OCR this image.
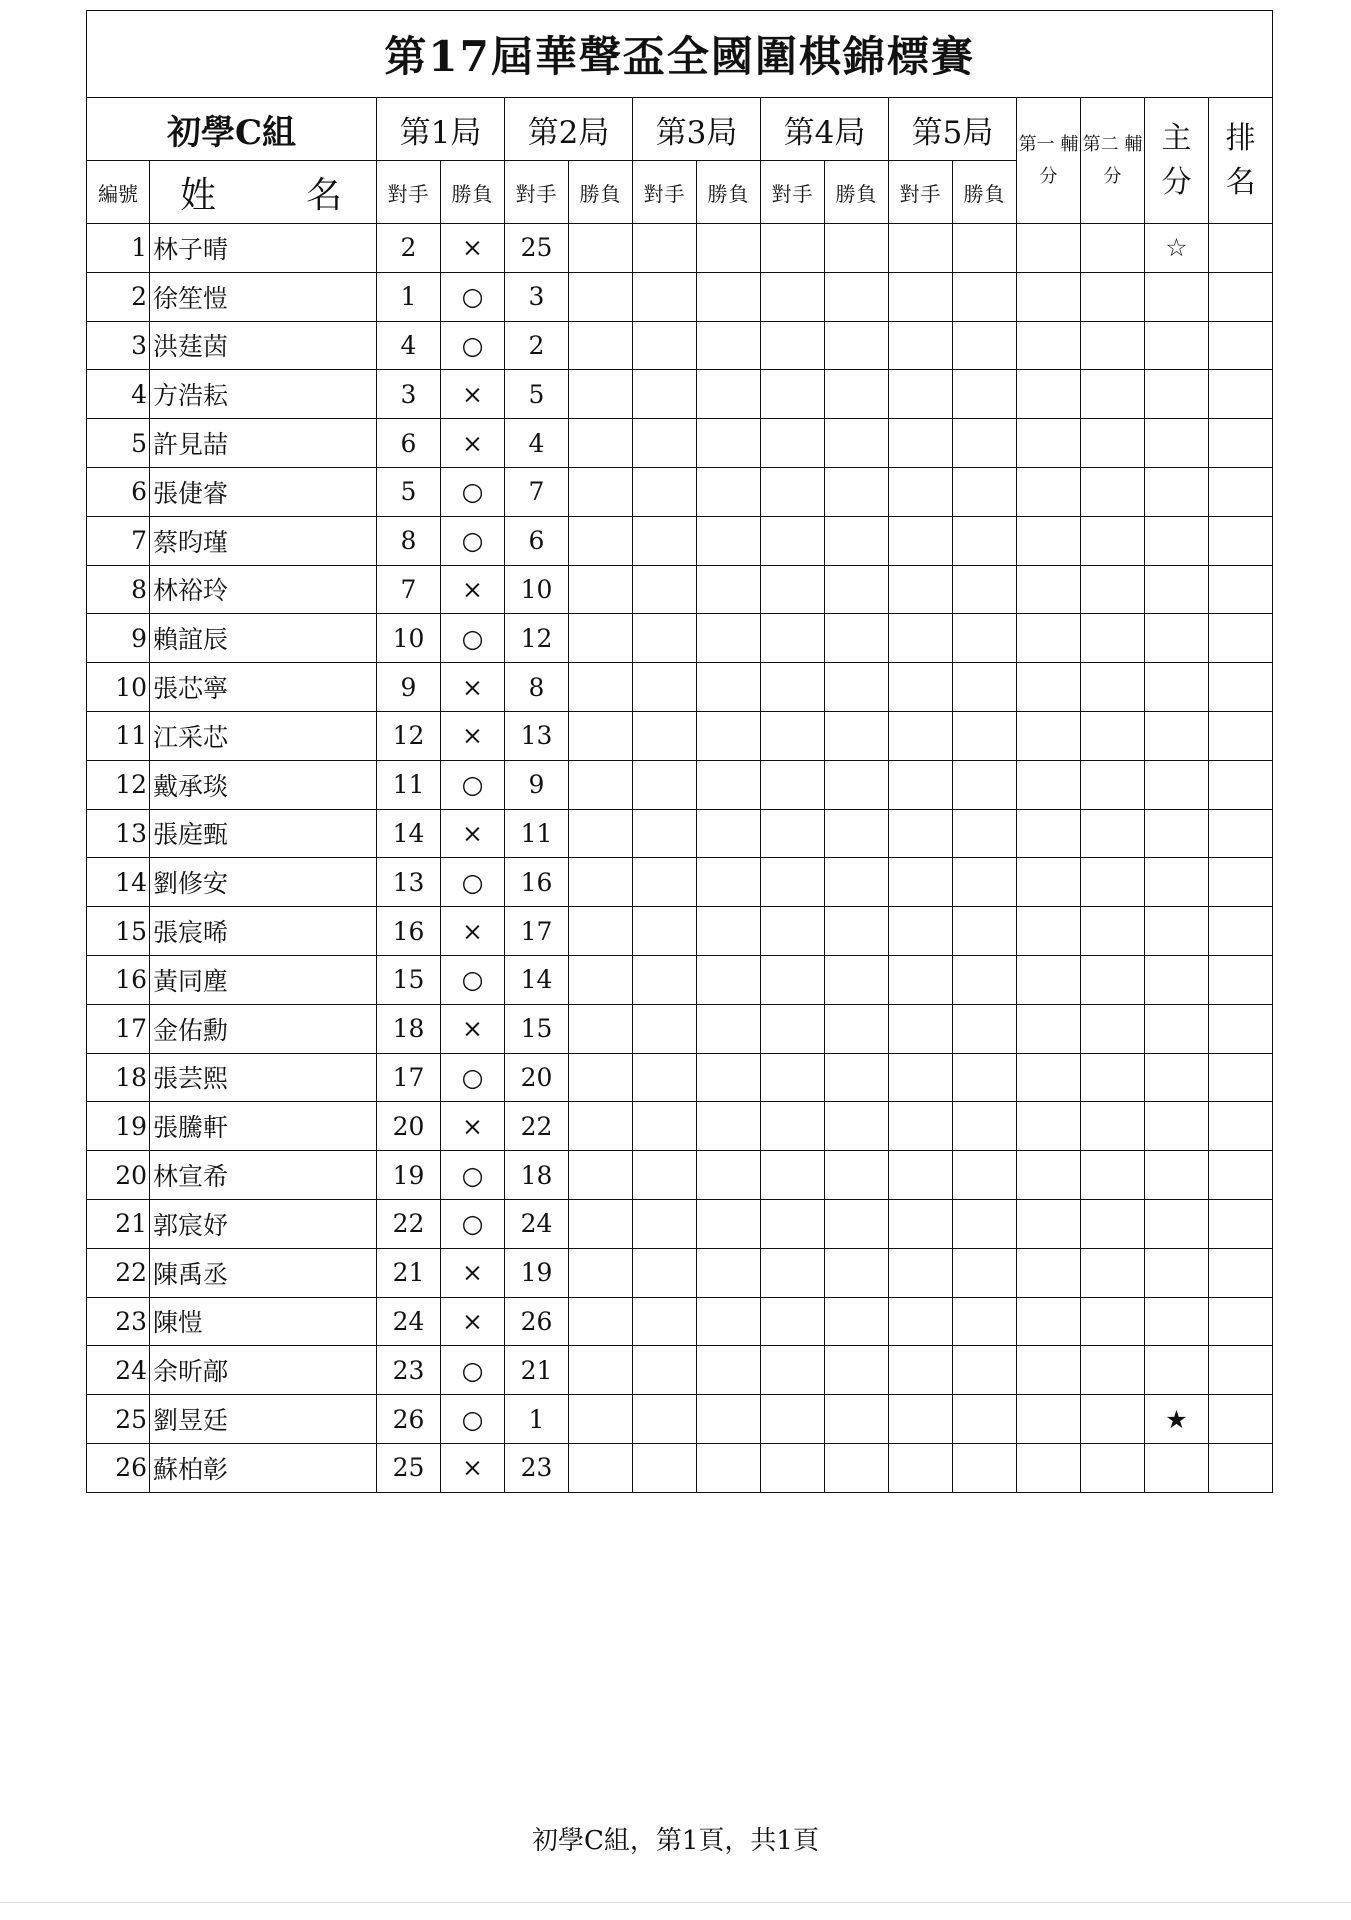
第17屆華聲盃全國圍棋錦標賽																
初學C組		第1局		第2局		第3局		第4局		第5局		第一 輔分	第二 輔分	主 分	排 名	
編號	姓 名	對手	勝負	對手	勝負	對手	勝負	對手	勝負	對手	勝負					
1	林子晴	2	×	25										☆		
2	徐笙愷	1	○	3												
3	洪莛茵	4	○	2												
4	方浩耘	3	×	5												
5	許見喆	6	×	4												
6	張倢睿	5	○	7												
7	蔡昀瑾	8	○	6												
8	林裕玲	7	×	10												
9	賴誼辰	10	○	12												
10	張芯寧	9	×	8												
11	江采芯	12	×	13												
12	戴承琰	11	○	9												
13	張庭甄	14	×	11												
14	劉修安	13	○	16												
15	張宸晞	16	×	17												
16	黃同塵	15	○	14												
17	金佑勳	18	×	15												
18	張芸熙	17	○	20												
19	張騰軒	20	×	22												
20	林宣希	19	○	18												
21	郭宸妤	22	○	24												
22	陳禹丞	21	×	19												
23	陳愷	24	×	26												
24	余昕鄗	23	○	21												
25	劉昱廷	26	○	1										★		
26	蘇柏彰	25	×	23												
初學C組，第1頁，共1頁
